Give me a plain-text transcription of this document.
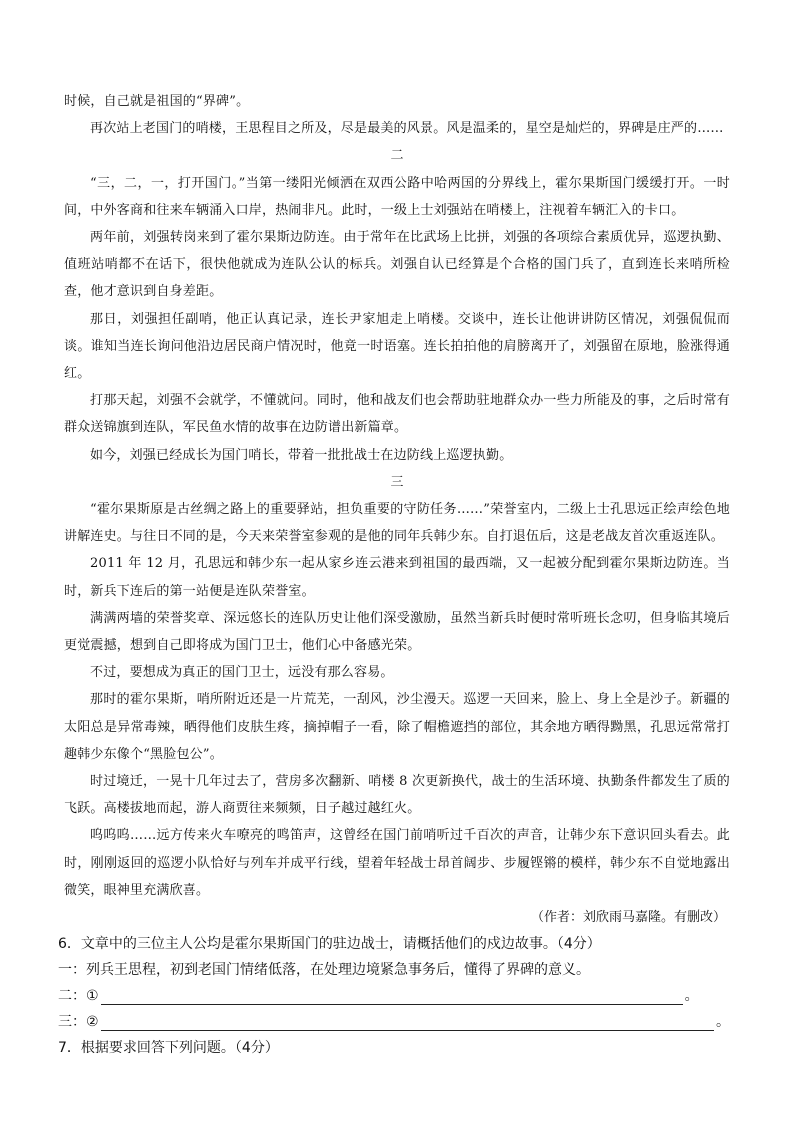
时候，自己就是祖国的“界碑”。

再次站上老国门的哨楼，王思程目之所及，尽是最美的风景。风是温柔的，星空是灿烂的，界碑是庄严的……

二

“三，二，一，打开国门。”当第一缕阳光倾洒在双西公路中哈两国的分界线上，霍尔果斯国门缓缓打开。一时间，中外客商和往来车辆涌入口岸，热闹非凡。此时，一级上士刘强站在哨楼上，注视着车辆汇入的卡口。

两年前，刘强转岗来到了霍尔果斯边防连。由于常年在比武场上比拼，刘强的各项综合素质优异，巡逻执勤、值班站哨都不在话下，很快他就成为连队公认的标兵。刘强自认已经算是个合格的国门兵了，直到连长来哨所检查，他才意识到自身差距。

那日，刘强担任副哨，他正认真记录，连长尹家旭走上哨楼。交谈中，连长让他讲讲防区情况，刘强侃侃而谈。谁知当连长询问他沿边居民商户情况时，他竟一时语塞。连长拍拍他的肩膀离开了，刘强留在原地，脸涨得通红。

打那天起，刘强不会就学，不懂就问。同时，他和战友们也会帮助驻地群众办一些力所能及的事，之后时常有群众送锦旗到连队，军民鱼水情的故事在边防谱出新篇章。

如今，刘强已经成长为国门哨长，带着一批批战士在边防线上巡逻执勤。

三

“霍尔果斯原是古丝绸之路上的重要驿站，担负重要的守防任务……”荣誉室内，二级上士孔思远正绘声绘色地讲解连史。与往日不同的是，今天来荣誉室参观的是他的同年兵韩少东。自打退伍后，这是老战友首次重返连队。

2011 年 12 月，孔思远和韩少东一起从家乡连云港来到祖国的最西端，又一起被分配到霍尔果斯边防连。当时，新兵下连后的第一站便是连队荣誉室。

满满两墙的荣誉奖章、深远悠长的连队历史让他们深受激励，虽然当新兵时便时常听班长念叨，但身临其境后更觉震撼，想到自己即将成为国门卫士，他们心中备感光荣。

不过，要想成为真正的国门卫士，远没有那么容易。

那时的霍尔果斯，哨所附近还是一片荒芜，一刮风，沙尘漫天。巡逻一天回来，脸上、身上全是沙子。新疆的太阳总是异常毒辣，晒得他们皮肤生疼，摘掉帽子一看，除了帽檐遮挡的部位，其余地方晒得黝黑，孔思远常常打趣韩少东像个“黑脸包公”。

时过境迁，一晃十几年过去了，营房多次翻新、哨楼 8 次更新换代，战士的生活环境、执勤条件都发生了质的飞跃。高楼拔地而起，游人商贾往来频频，日子越过越红火。

呜呜呜……远方传来火车嘹亮的鸣笛声，这曾经在国门前哨听过千百次的声音，让韩少东下意识回头看去。此时，刚刚返回的巡逻小队恰好与列车并成平行线，望着年轻战士昂首阔步、步履铿锵的模样，韩少东不自觉地露出微笑，眼神里充满欣喜。

（作者：刘欣雨马嘉隆。有删改）

6．文章中的三位主人公均是霍尔果斯国门的驻边战士，请概括他们的戍边故事。（4分）

一：列兵王思程，初到老国门情绪低落，在处理边境紧急事务后，懂得了界碑的意义。

二：①	。
三：②	。

7．根据要求回答下列问题。（4分）
